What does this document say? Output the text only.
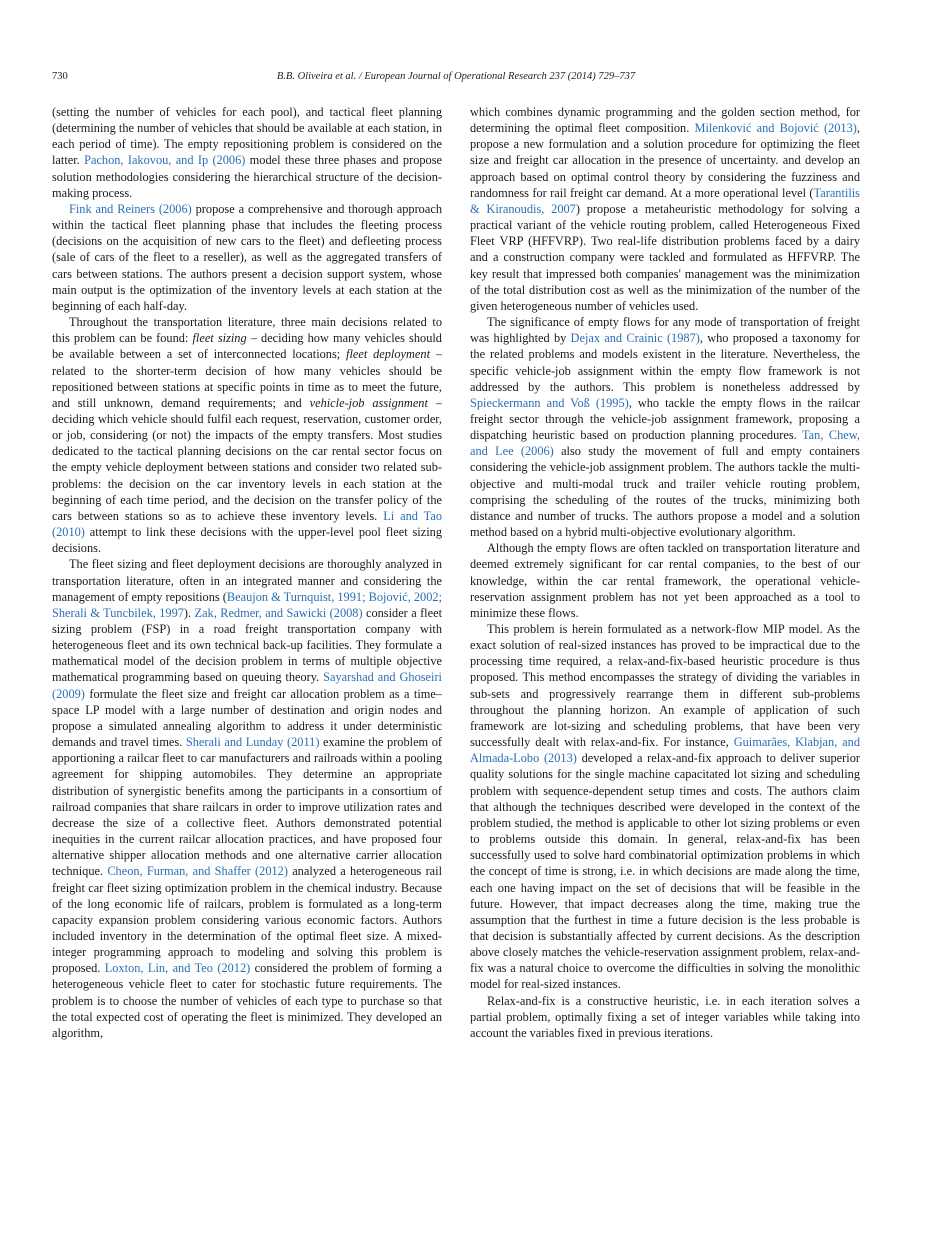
730	B.B. Oliveira et al. / European Journal of Operational Research 237 (2014) 729–737

(setting the number of vehicles for each pool), and tactical fleet planning (determining the number of vehicles that should be available at each station, in each period of time). The empty repositioning problem is considered on the latter. Pachon, Iakovou, and Ip (2006) model these three phases and propose solution methodologies considering the hierarchical structure of the decision-making process.

Fink and Reiners (2006) propose a comprehensive and thorough approach within the tactical fleet planning phase that includes the fleeting process (decisions on the acquisition of new cars to the fleet) and defleeting process (sale of cars of the fleet to a reseller), as well as the aggregated transfers of cars between stations. The authors present a decision support system, whose main output is the optimization of the inventory levels at each station at the beginning of each half-day.

Throughout the transportation literature, three main decisions related to this problem can be found: fleet sizing – deciding how many vehicles should be available between a set of interconnected locations; fleet deployment – related to the shorter-term decision of how many vehicles should be repositioned between stations at specific points in time as to meet the future, and still unknown, demand requirements; and vehicle-job assignment – deciding which vehicle should fulfil each request, reservation, customer order, or job, considering (or not) the impacts of the empty transfers. Most studies dedicated to the tactical planning decisions on the car rental sector focus on the empty vehicle deployment between stations and consider two related sub-problems: the decision on the car inventory levels in each station at the beginning of each time period, and the decision on the transfer policy of the cars between stations so as to achieve these inventory levels. Li and Tao (2010) attempt to link these decisions with the upper-level pool fleet sizing decisions.

The fleet sizing and fleet deployment decisions are thoroughly analyzed in transportation literature, often in an integrated manner and considering the management of empty repositions (Beaujon & Turnquist, 1991; Bojović, 2002; Sherali & Tuncbilek, 1997). Zak, Redmer, and Sawicki (2008) consider a fleet sizing problem (FSP) in a road freight transportation company with heterogeneous fleet and its own technical back-up facilities. They formulate a mathematical model of the decision problem in terms of multiple objective mathematical programming based on queuing theory. Sayarshad and Ghoseiri (2009) formulate the fleet size and freight car allocation problem as a time–space LP model with a large number of destination and origin nodes and propose a simulated annealing algorithm to address it under deterministic demands and travel times. Sherali and Lunday (2011) examine the problem of apportioning a railcar fleet to car manufacturers and railroads within a pooling agreement for shipping automobiles. They determine an appropriate distribution of synergistic benefits among the participants in a consortium of railroad companies that share railcars in order to improve utilization rates and decrease the size of a collective fleet. Authors demonstrated potential inequities in the current railcar allocation practices, and have proposed four alternative shipper allocation methods and one alternative carrier allocation technique. Cheon, Furman, and Shaffer (2012) analyzed a heterogeneous rail freight car fleet sizing optimization problem in the chemical industry. Because of the long economic life of railcars, problem is formulated as a long-term capacity expansion problem considering various economic factors. Authors included inventory in the determination of the optimal fleet size. A mixed-integer programming approach to modeling and solving this problem is proposed. Loxton, Lin, and Teo (2012) considered the problem of forming a heterogeneous vehicle fleet to cater for stochastic future requirements. The problem is to choose the number of vehicles of each type to purchase so that the total expected cost of operating the fleet is minimized. They developed an algorithm,

which combines dynamic programming and the golden section method, for determining the optimal fleet composition. Milenković and Bojović (2013), propose a new formulation and a solution procedure for optimizing the fleet size and freight car allocation in the presence of uncertainty. and develop an approach based on optimal control theory by considering the fuzziness and randomness for rail freight car demand. At a more operational level (Tarantilis & Kiranoudis, 2007) propose a metaheuristic methodology for solving a practical variant of the vehicle routing problem, called Heterogeneous Fixed Fleet VRP (HFFVRP). Two real-life distribution problems faced by a dairy and a construction company were tackled and formulated as HFFVRP. The key result that impressed both companies' management was the minimization of the total distribution cost as well as the minimization of the number of the given heterogeneous number of vehicles used.

The significance of empty flows for any mode of transportation of freight was highlighted by Dejax and Crainic (1987), who proposed a taxonomy for the related problems and models existent in the literature. Nevertheless, the specific vehicle-job assignment within the empty flow framework is not addressed by the authors. This problem is nonetheless addressed by Spieckermann and Voß (1995), who tackle the empty flows in the railcar freight sector through the vehicle-job assignment framework, proposing a dispatching heuristic based on production planning procedures. Tan, Chew, and Lee (2006) also study the movement of full and empty containers considering the vehicle-job assignment problem. The authors tackle the multi-objective and multi-modal truck and trailer vehicle routing problem, comprising the scheduling of the routes of the trucks, minimizing both distance and number of trucks. The authors propose a model and a solution method based on a hybrid multi-objective evolutionary algorithm.

Although the empty flows are often tackled on transportation literature and deemed extremely significant for car rental companies, to the best of our knowledge, within the car rental framework, the operational vehicle-reservation assignment problem has not yet been approached as a tool to minimize these flows.

This problem is herein formulated as a network-flow MIP model. As the exact solution of real-sized instances has proved to be impractical due to the processing time required, a relax-and-fix-based heuristic procedure is thus proposed. This method encompasses the strategy of dividing the variables in sub-sets and progressively rearrange them in different sub-problems throughout the planning horizon. An example of application of such framework are lot-sizing and scheduling problems, that have been very successfully dealt with relax-and-fix. For instance, Guimarães, Klabjan, and Almada-Lobo (2013) developed a relax-and-fix approach to deliver superior quality solutions for the single machine capacitated lot sizing and scheduling problem with sequence-dependent setup times and costs. The authors claim that although the techniques described were developed in the context of the problem studied, the method is applicable to other lot sizing problems or even to problems outside this domain. In general, relax-and-fix has been successfully used to solve hard combinatorial optimization problems in which the concept of time is strong, i.e. in which decisions are made along the time, each one having impact on the set of decisions that will be feasible in the future. However, that impact decreases along the time, making true the assumption that the furthest in time a future decision is the less probable is that decision is substantially affected by current decisions. As the description above closely matches the vehicle-reservation assignment problem, relax-and-fix was a natural choice to overcome the difficulties in solving the monolithic model for real-sized instances.

Relax-and-fix is a constructive heuristic, i.e. in each iteration solves a partial problem, optimally fixing a set of integer variables while taking into account the variables fixed in previous iterations.
